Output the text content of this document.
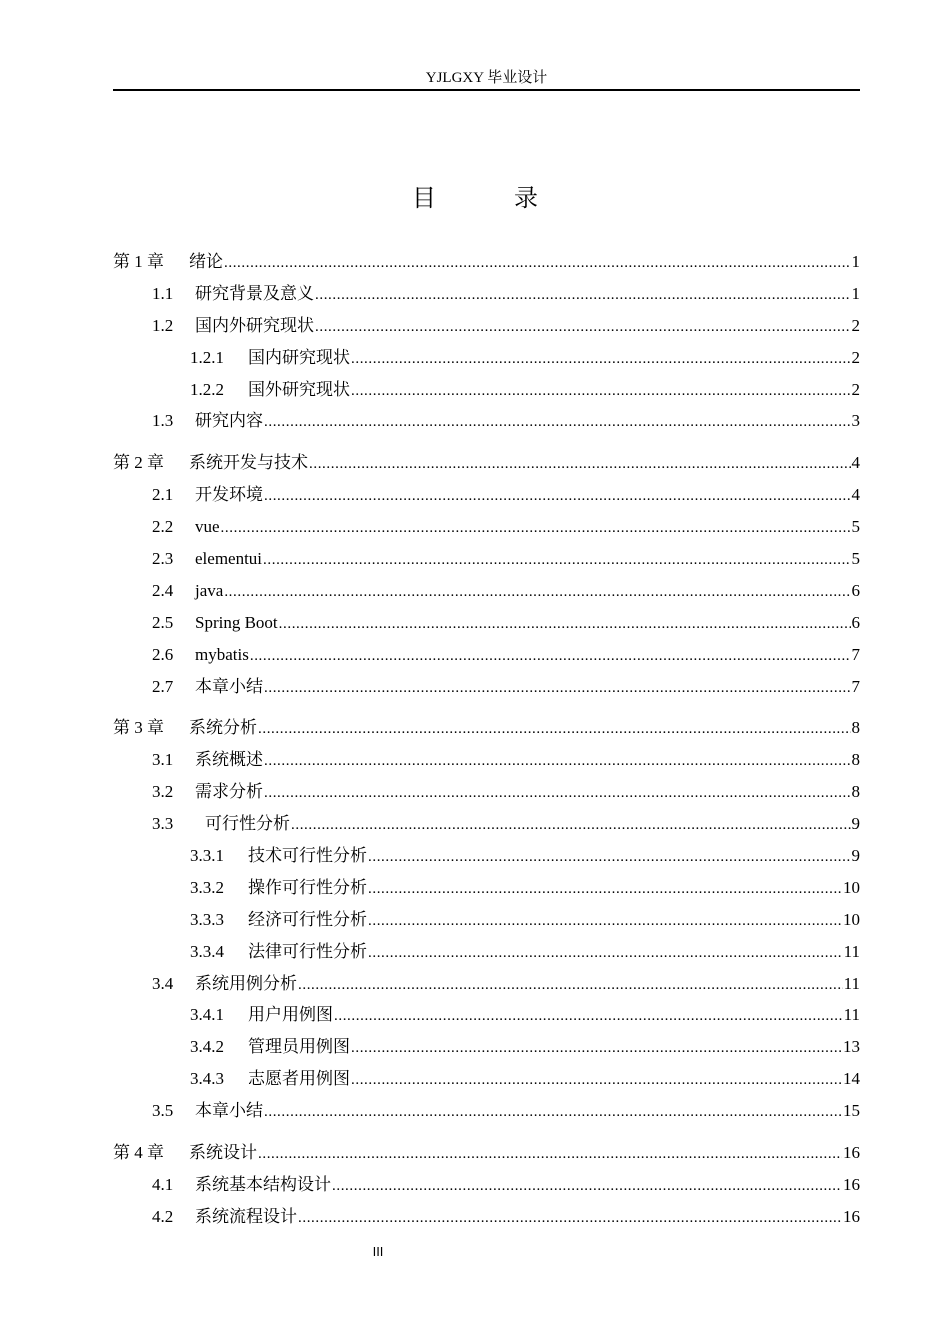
YJLGXY 毕业设计
目 录
第 1 章	绪论 .....	1
1.1	研究背景及意义 .....	1
1.2	国内外研究现状 .....	2
1.2.1	国内研究现状 .....	2
1.2.2	国外研究现状 .....	2
1.3	研究内容 .....	3
第 2 章	系统开发与技术 .....	4
2.1	开发环境 .....	4
2.2	vue .....	5
2.3	elementui .....	5
2.4	java .....	6
2.5	Spring Boot .....	6
2.6	mybatis .....	7
2.7	本章小结 .....	7
第 3 章	系统分析 .....	8
3.1	系统概述 .....	8
3.2	需求分析 .....	8
3.3	可行性分析 .....	9
3.3.1	技术可行性分析 .....	9
3.3.2	操作可行性分析 .....	10
3.3.3	经济可行性分析 .....	10
3.3.4	法律可行性分析 .....	11
3.4	系统用例分析 .....	11
3.4.1	用户用例图 .....	11
3.4.2	管理员用例图 .....	13
3.4.3	志愿者用例图 .....	14
3.5	本章小结 .....	15
第 4 章	系统设计 .....	16
4.1	系统基本结构设计 .....	16
4.2	系统流程设计 .....	16
III
